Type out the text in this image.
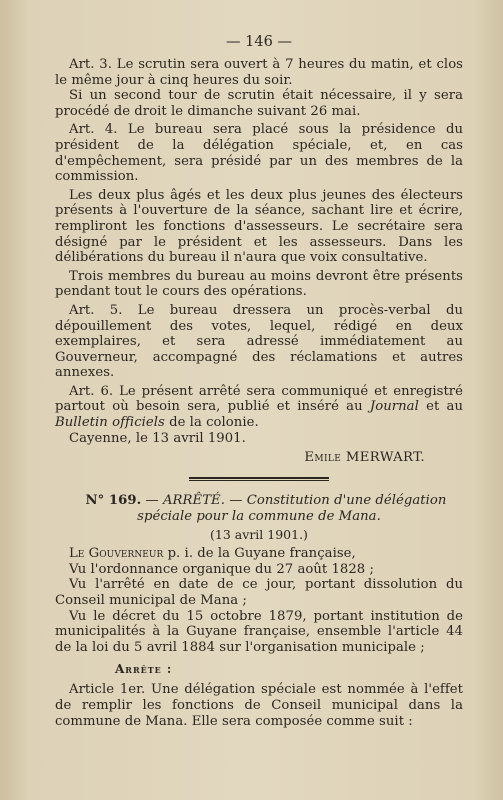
— 146 —

Art. 3. Le scrutin sera ouvert à 7 heures du matin, et clos le même jour à cinq heures du soir.

Si un second tour de scrutin était nécessaire, il y sera procédé de droit le dimanche suivant 26 mai.

Art. 4. Le bureau sera placé sous la présidence du président de la délégation spéciale, et, en cas d'empêchement, sera présidé par un des membres de la commission.

Les deux plus âgés et les deux plus jeunes des électeurs présents à l'ouverture de la séance, sachant lire et écrire, rempliront les fonctions d'assesseurs. Le secrétaire sera désigné par le président et les assesseurs. Dans les délibérations du bureau il n'aura que voix consultative.

Trois membres du bureau au moins devront être présents pendant tout le cours des opérations.

Art. 5. Le bureau dressera un procès-verbal du dépouillement des votes, lequel, rédigé en deux exemplaires, et sera adressé immédiatement au Gouverneur, accompagné des réclamations et autres annexes.

Art. 6. Le présent arrêté sera communiqué et enregistré partout où besoin sera, publié et inséré au Journal et au Bulletin officiels de la colonie.

Cayenne, le 13 avril 1901.

Emile MERWART.

N° 169. — ARRÊTÉ. — Constitution d'une délégation spéciale pour la commune de Mana.

(13 avril 1901.)

Le Gouverneur p. i. de la Guyane française,

Vu l'ordonnance organique du 27 août 1828 ;

Vu l'arrêté en date de ce jour, portant dissolution du Conseil municipal de Mana ;

Vu le décret du 15 octobre 1879, portant institution de municipalités à la Guyane française, ensemble l'article 44 de la loi du 5 avril 1884 sur l'organisation municipale ;

Arrête :

Article 1er. Une délégation spéciale est nommée à l'effet de remplir les fonctions de Conseil municipal dans la commune de Mana. Elle sera composée comme suit :
